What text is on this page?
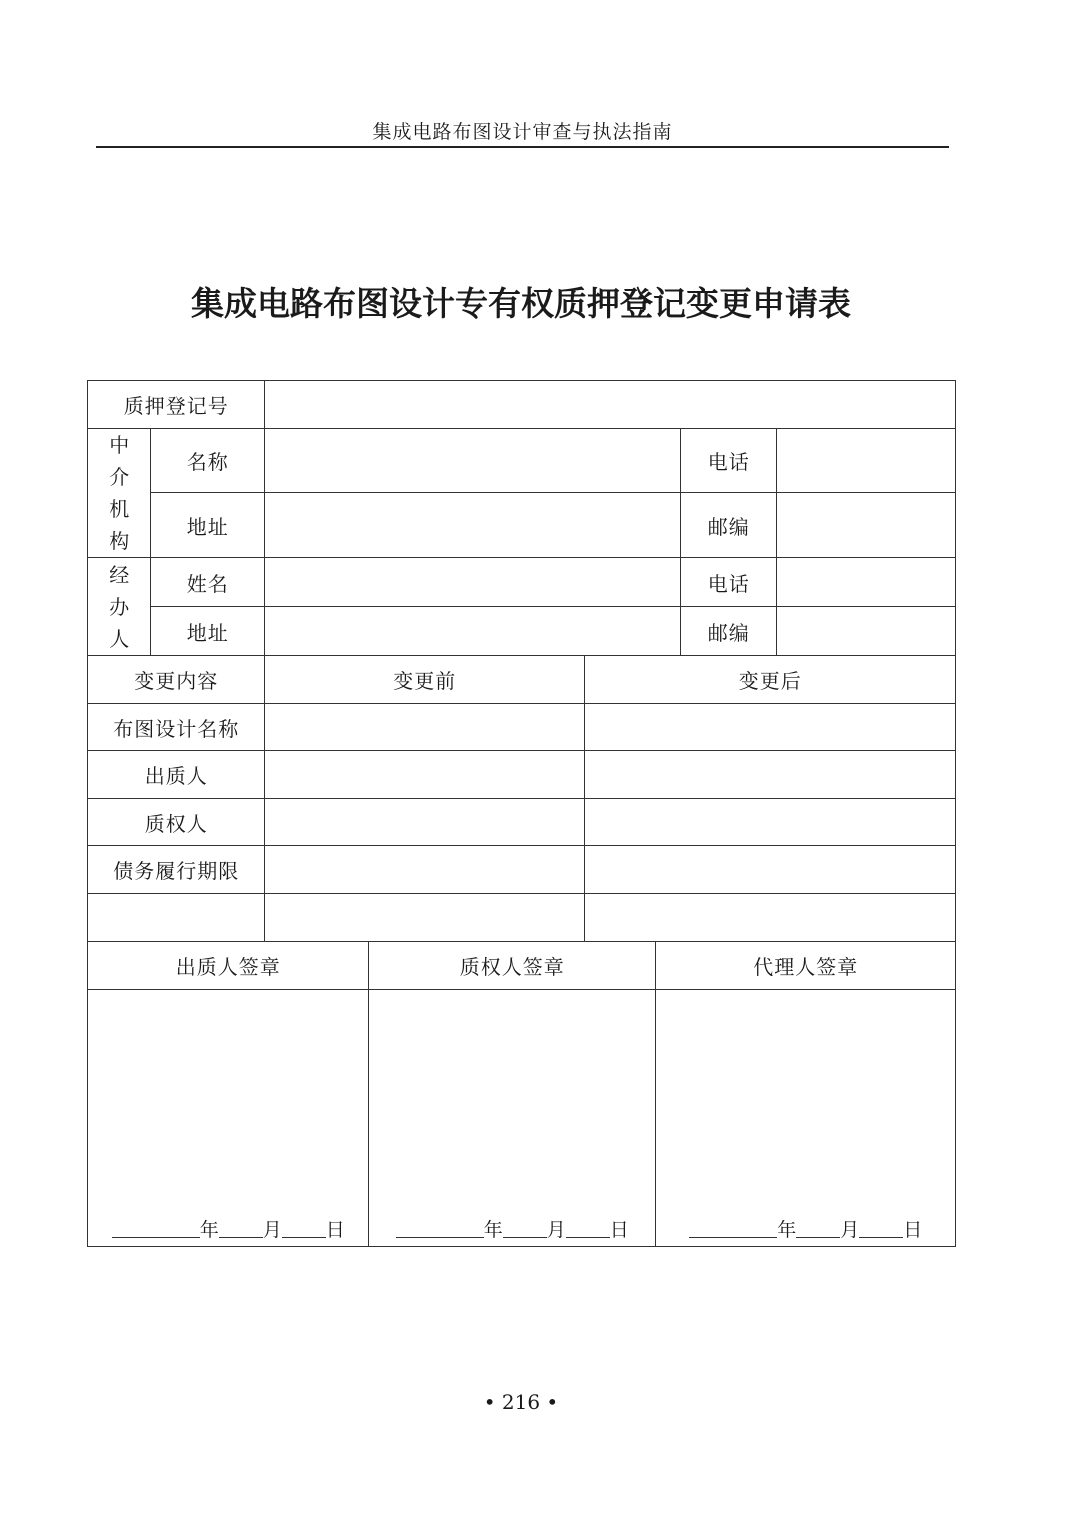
集成电路布图设计审查与执法指南
集成电路布图设计专有权质押登记变更申请表
质押登记号
中
介
机
构
名称	电话
地址	邮编
经
办
人
姓名	电话
地址	邮编
变更内容	变更前	变更后
布图设计名称
出质人
质权人
债务履行期限
出质人签章	质权人签章	代理人签章
年 月 日	年 月 日	年 月 日
• 216 •
